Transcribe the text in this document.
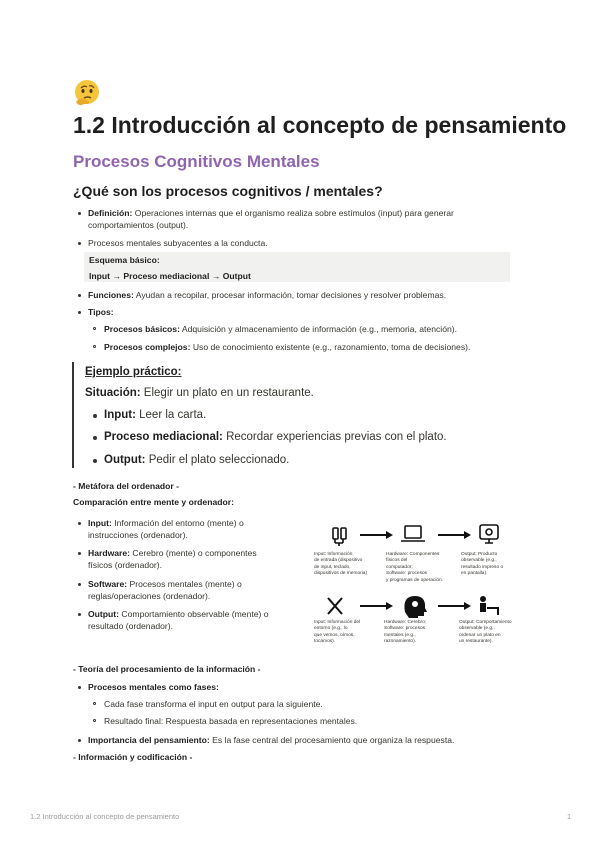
1.2 Introducción al concepto de pensamiento
Procesos Cognitivos Mentales
¿Qué son los procesos cognitivos / mentales?
Definición: Operaciones internas que el organismo realiza sobre estímulos (input) para generar
comportamientos (output).
Procesos mentales subyacentes a la conducta.
Esquema básico:
Input → Proceso mediacional → Output
Funciones: Ayudan a recopilar, procesar información, tomar decisiones y resolver problemas.
Tipos:
Procesos básicos: Adquisición y almacenamiento de información (e.g., memoria, atención).
Procesos complejos: Uso de conocimiento existente (e.g., razonamiento, toma de decisiones).
Ejemplo práctico:
Situación: Elegir un plato en un restaurante.
Input: Leer la carta.
Proceso mediacional: Recordar experiencias previas con el plato.
Output: Pedir el plato seleccionado.
- Metáfora del ordenador -
Comparación entre mente y ordenador:
Input: Información del entorno (mente) o
instrucciones (ordenador).
Hardware: Cerebro (mente) o componentes
físicos (ordenador).
Software: Procesos mentales (mente) o
reglas/operaciones (ordenador).
Output: Comportamiento observable (mente) o
resultado (ordenador).
Input: Información
de entrada (dispositivo
de input, teclado,
dispositivos de memoria)
Hardware: Componentes
físicos del
computador;
Software: procesos
y programas de operación.
Output: Producto
observable (e.g.,
resultado impreso o
en pantalla).
Input: Información del
entorno (e.g., lo
que vemos, oímos,
tocamos).
Hardware: Cerebro;
Software: procesos
mentales (e.g.,
razonamiento).
Output: Comportamiento
observable (e.g.,
ordenar un plato en
un restaurante).
- Teoría del procesamiento de la información -
Procesos mentales como fases:
Cada fase transforma el input en output para la siguiente.
Resultado final: Respuesta basada en representaciones mentales.
Importancia del pensamiento: Es la fase central del procesamiento que organiza la respuesta.
- Información y codificación -
1.2 Introducción al concepto de pensamiento	1
